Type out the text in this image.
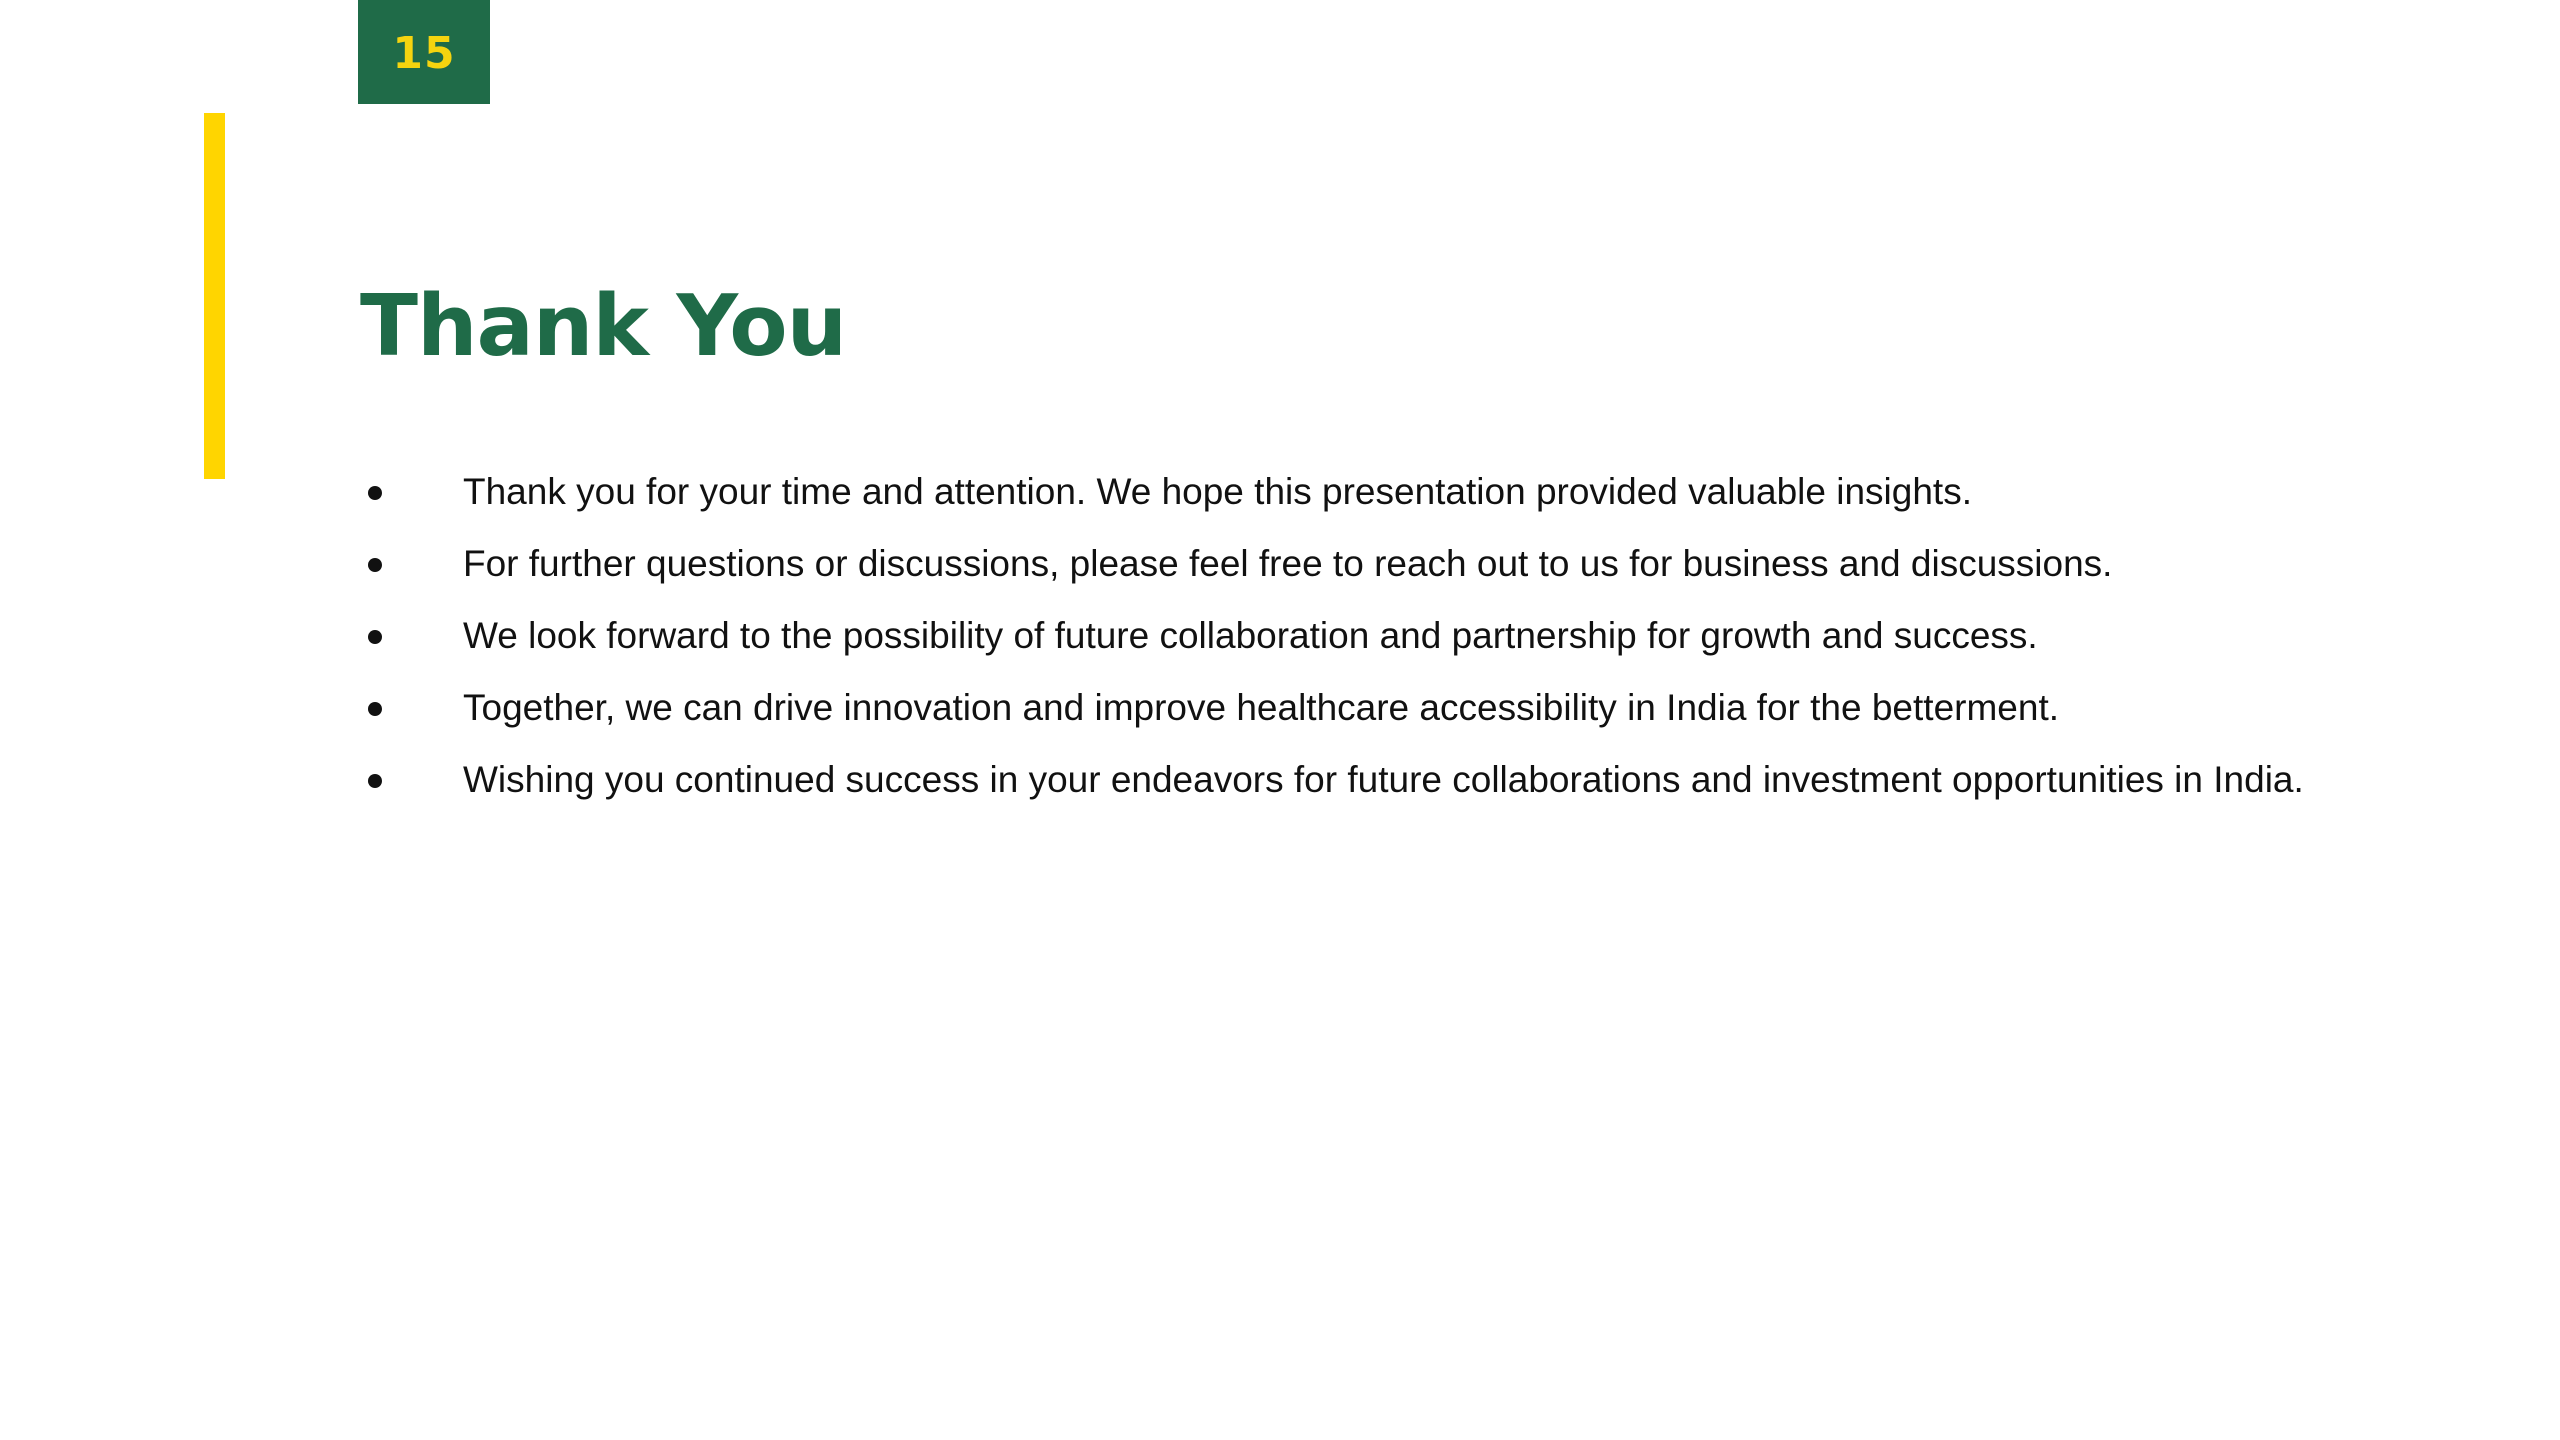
15
Thank You
Thank you for your time and attention. We hope this presentation provided valuable insights.
For further questions or discussions, please feel free to reach out to us for business and discussions.
We look forward to the possibility of future collaboration and partnership for growth and success.
Together, we can drive innovation and improve healthcare accessibility in India for the betterment.
Wishing you continued success in your endeavors for future collaborations and investment opportunities in India.
